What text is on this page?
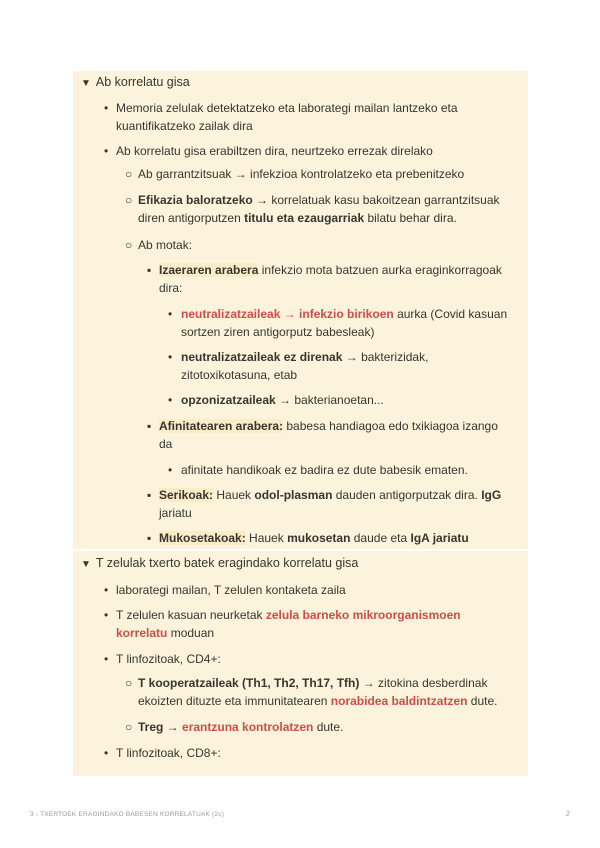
▼ Ab korrelatu gisa
• Memoria zelulak detektatzeko eta laborategi mailan lantzeko eta
kuantifikatzeko zailak dira
• Ab korrelatu gisa erabiltzen dira, neurtzeko errezak direlako
○ Ab garrantzitsuak → infekzioa kontrolatzeko eta prebenitzeko
○ Efikazia baloratzeko → korrelatuak kasu bakoitzean garrantzitsuak
diren antigorputzen titulu eta ezaugarriak bilatu behar dira.
○ Ab motak:
▪ Izaeraren arabera infekzio mota batzuen aurka eraginkorragoak
dira:
• neutralizatzaileak → infekzio birikoen aurka (Covid kasuan
sortzen ziren antigorputz babesleak)
• neutralizatzaileak ez direnak → bakterizidak,
zitotoxikotasuna, etab
• opzonizatzaileak → bakterianoetan...
▪ Afinitatearen arabera: babesa handiagoa edo txikiagoa izango
da
• afinitate handikoak ez badira ez dute babesik ematen.
▪ Serikoak: Hauek odol-plasman dauden antigorputzak dira. IgG
jariatu
▪ Mukosetakoak: Hauek mukosetan daude eta IgA jariatu
▼ T zelulak txerto batek eragindako korrelatu gisa
• laborategi mailan, T zelulen kontaketa zaila
• T zelulen kasuan neurketak zelula barneko mikroorganismoen
korrelatu moduan
• T linfozitoak, CD4+:
○ T kooperatzaileak (Th1, Th2, Th17, Tfh) → zitokina desberdinak
ekoizten dituzte eta immunitatearen norabidea baldintzatzen dute.
○ Treg → erantzuna kontrolatzen dute.
• T linfozitoak, CD8+:
3 - TXERTOEK ERAGINDAKO BABESEN KORRELATUAK (2c)	2
